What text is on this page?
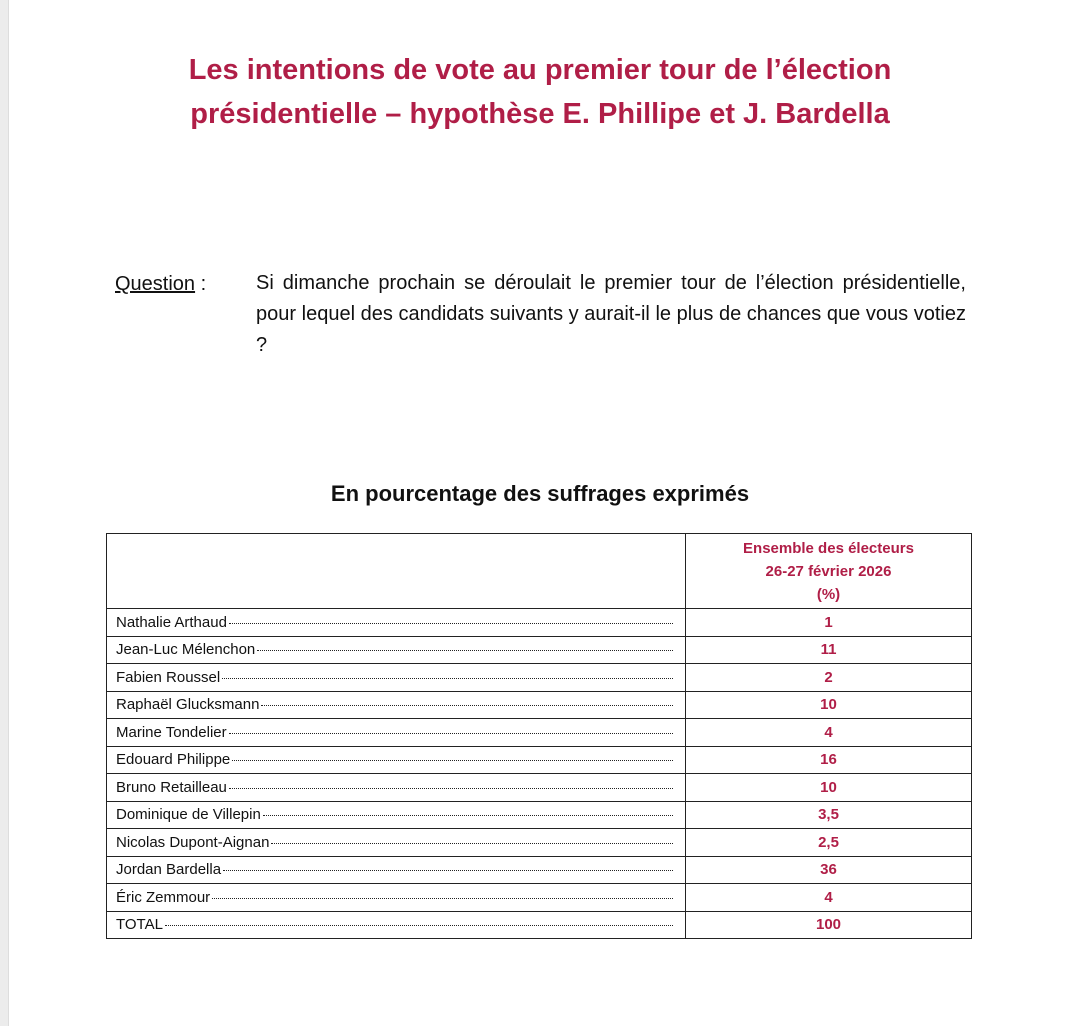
Les intentions de vote au premier tour de l’élection
présidentielle – hypothèse E. Phillipe et J. Bardella
Question : Si dimanche prochain se déroulait le premier tour de l’élection présidentielle, pour lequel des candidats suivants y aurait-il le plus de chances que vous votiez ?
En pourcentage des suffrages exprimés

	Ensemble des électeurs
26-27 février 2026
(%)

Nathalie Arthaud	1

Jean-Luc Mélenchon	11

Fabien Roussel	2

Raphaël Glucksmann	10

Marine Tondelier	4

Edouard Philippe	16

Bruno Retailleau	10

Dominique de Villepin	3,5

Nicolas Dupont-Aignan	2,5

Jordan Bardella	36

Éric Zemmour	4

TOTAL	100
